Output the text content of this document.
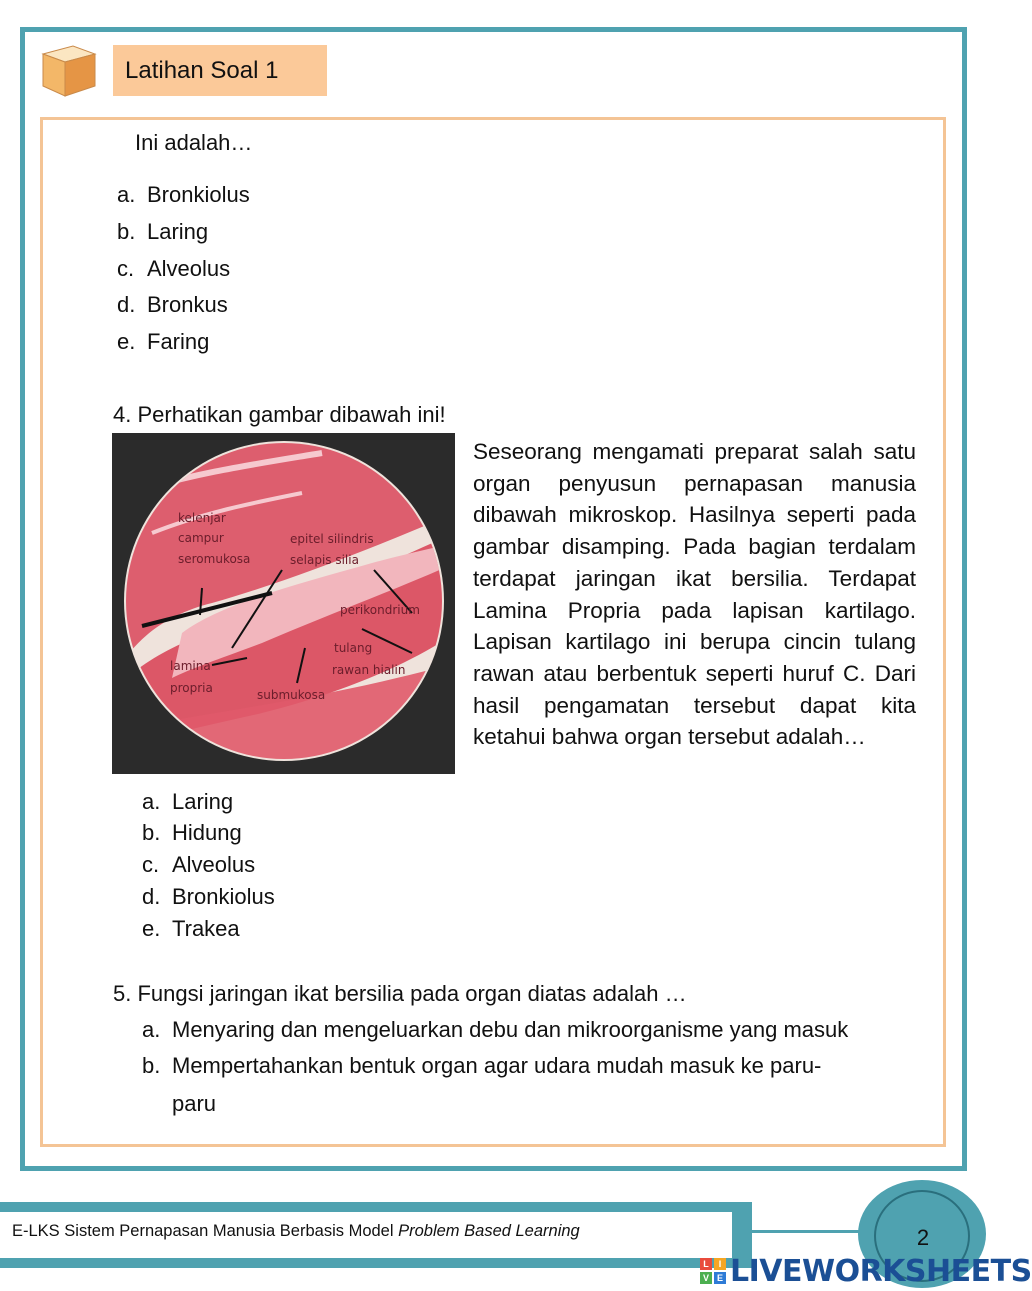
Latihan Soal 1
Ini adalah…
a. Bronkiolus
b. Laring
c. Alveolus
d. Bronkus
e. Faring
4. Perhatikan gambar dibawah ini!
kelenjar
campur
seromukosa
epitel silindris
selapis silia
perikondrium
tulang
rawan hialin
lamina
propria	submukosa
Seseorang mengamati preparat salah satu organ penyusun pernapasan manusia dibawah mikroskop. Hasilnya seperti pada gambar disamping. Pada bagian terdalam terdapat jaringan ikat bersilia. Terdapat Lamina Propria pada lapisan kartilago. Lapisan kartilago ini berupa cincin tulang rawan atau berbentuk seperti huruf C. Dari hasil pengamatan tersebut dapat kita ketahui bahwa organ tersebut adalah…
a. Laring
b. Hidung
c. Alveolus
d. Bronkiolus
e. Trakea
5. Fungsi jaringan ikat bersilia pada organ diatas adalah …
a. Menyaring dan mengeluarkan debu dan mikroorganisme yang masuk
b. Mempertahankan bentuk organ agar udara mudah masuk ke paru-
paru
E-LKS Sistem Pernapasan Manusia Berbasis Model Problem Based Learning	2
L	I
V E LIVEWORKSHEETS
